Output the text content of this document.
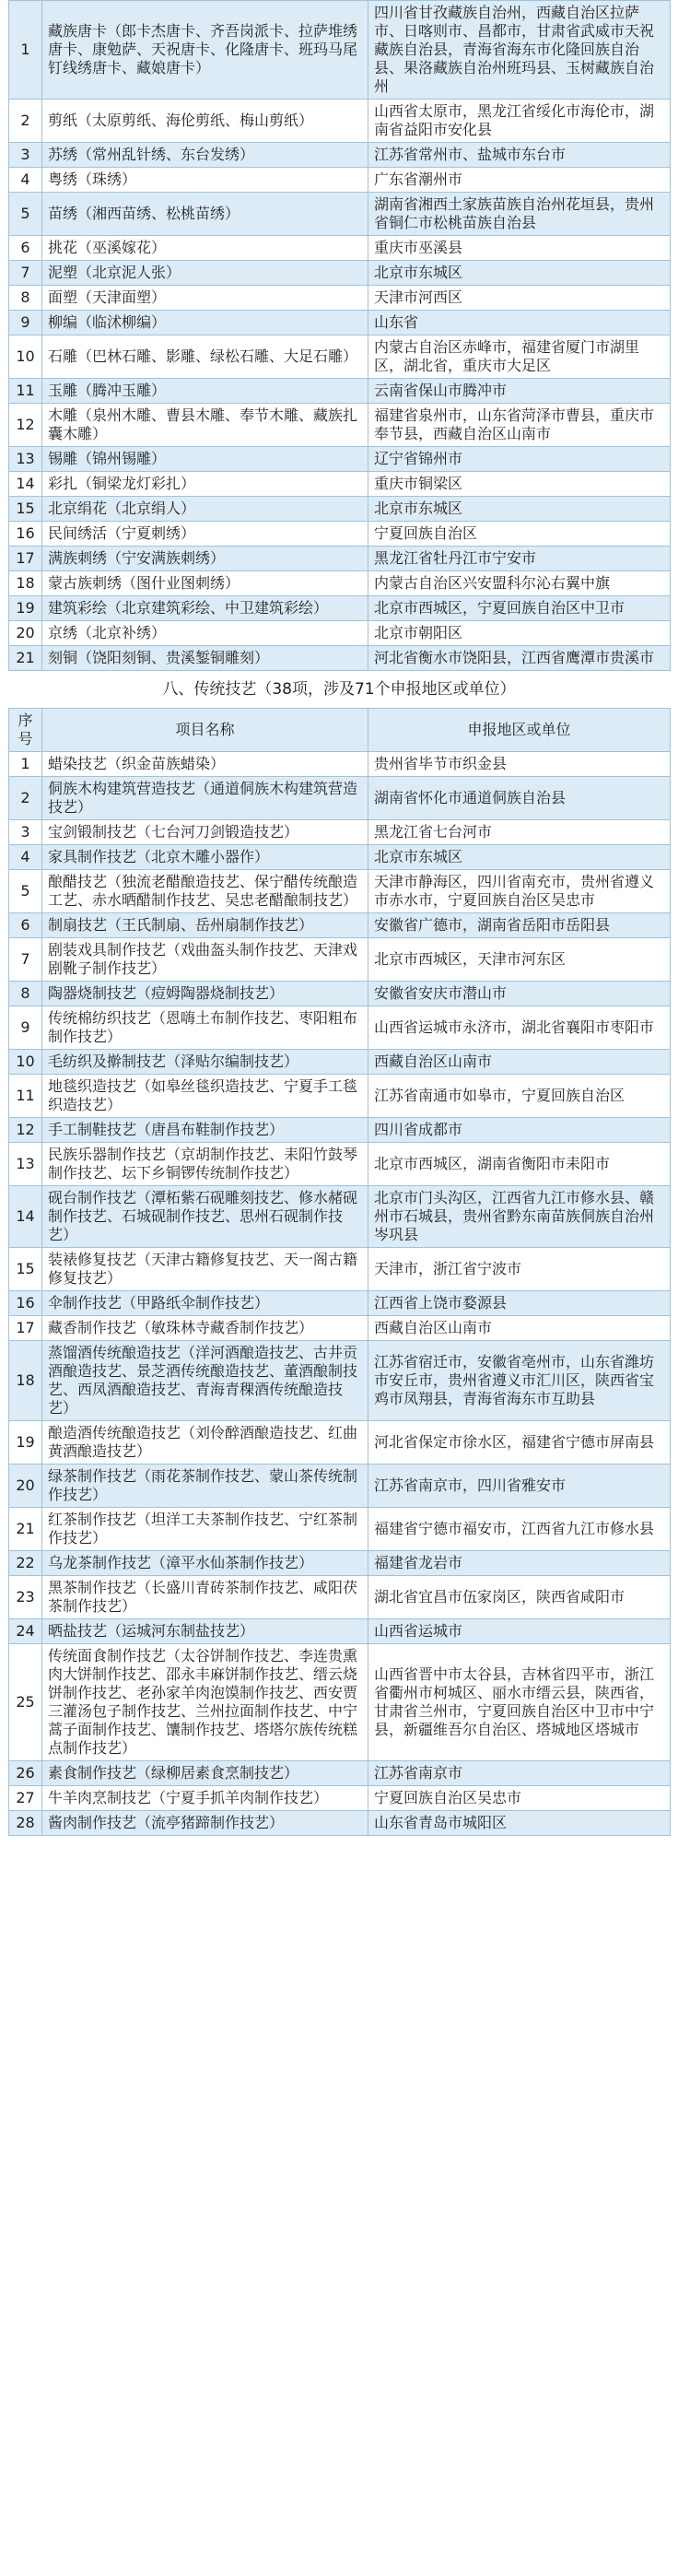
1	藏族唐卡（郎卡杰唐卡、齐吾岗派卡、拉萨堆绣唐卡、康勉萨、天祝唐卡、化隆唐卡、班玛马尾钉线绣唐卡、藏娘唐卡）	四川省甘孜藏族自治州，西藏自治区拉萨市、日喀则市、昌都市，甘肃省武威市天祝藏族自治县，青海省海东市化隆回族自治县、果洛藏族自治州班玛县、玉树藏族自治州
2	剪纸（太原剪纸、海伦剪纸、梅山剪纸）	山西省太原市，黑龙江省绥化市海伦市，湖南省益阳市安化县
3	苏绣（常州乱针绣、东台发绣）	江苏省常州市、盐城市东台市
4	粤绣（珠绣）	广东省潮州市
5	苗绣（湘西苗绣、松桃苗绣）	湖南省湘西土家族苗族自治州花垣县，贵州省铜仁市松桃苗族自治县
6	挑花（巫溪嫁花）	重庆市巫溪县
7	泥塑（北京泥人张）	北京市东城区
8	面塑（天津面塑）	天津市河西区
9	柳编（临沭柳编）	山东省
10	石雕（巴林石雕、影雕、绿松石雕、大足石雕）	内蒙古自治区赤峰市，福建省厦门市湖里区，湖北省，重庆市大足区
11	玉雕（腾冲玉雕）	云南省保山市腾冲市
12	木雕（泉州木雕、曹县木雕、奉节木雕、藏族扎囊木雕）	福建省泉州市，山东省菏泽市曹县，重庆市奉节县，西藏自治区山南市
13	锡雕（锦州锡雕）	辽宁省锦州市
14	彩扎（铜梁龙灯彩扎）	重庆市铜梁区
15	北京绢花（北京绢人）	北京市东城区
16	民间绣活（宁夏刺绣）	宁夏回族自治区
17	满族刺绣（宁安满族刺绣）	黑龙江省牡丹江市宁安市
18	蒙古族刺绣（图什业图刺绣）	内蒙古自治区兴安盟科尔沁右翼中旗
19	建筑彩绘（北京建筑彩绘、中卫建筑彩绘）	北京市西城区，宁夏回族自治区中卫市
20	京绣（北京补绣）	北京市朝阳区
21	刻铜（饶阳刻铜、贵溪錾铜雕刻）	河北省衡水市饶阳县，江西省鹰潭市贵溪市
八、传统技艺（38项，涉及71个申报地区或单位）
序号	项目名称	申报地区或单位
1	蜡染技艺（织金苗族蜡染）	贵州省毕节市织金县
2	侗族木构建筑营造技艺（通道侗族木构建筑营造技艺）	湖南省怀化市通道侗族自治县
3	宝剑锻制技艺（七台河刀剑锻造技艺）	黑龙江省七台河市
4	家具制作技艺（北京木雕小器作）	北京市东城区
5	酿醋技艺（独流老醋酿造技艺、保宁醋传统酿造工艺、赤水晒醋制作技艺、吴忠老醋酿制技艺）	天津市静海区，四川省南充市，贵州省遵义市赤水市，宁夏回族自治区吴忠市
6	制扇技艺（王氏制扇、岳州扇制作技艺）	安徽省广德市，湖南省岳阳市岳阳县
7	剧装戏具制作技艺（戏曲盔头制作技艺、天津戏剧靴子制作技艺）	北京市西城区，天津市河东区
8	陶器烧制技艺（痘姆陶器烧制技艺）	安徽省安庆市潜山市
9	传统棉纺织技艺（恩嗨土布制作技艺、枣阳粗布制作技艺）	山西省运城市永济市，湖北省襄阳市枣阳市
10	毛纺织及擀制技艺（泽贴尔编制技艺）	西藏自治区山南市
11	地毯织造技艺（如皋丝毯织造技艺、宁夏手工毯织造技艺）	江苏省南通市如皋市，宁夏回族自治区
12	手工制鞋技艺（唐昌布鞋制作技艺）	四川省成都市
13	民族乐器制作技艺（京胡制作技艺、耒阳竹鼓琴制作技艺、坛下乡铜锣传统制作技艺）	北京市西城区，湖南省衡阳市耒阳市
14	砚台制作技艺（潭柘紫石砚雕刻技艺、修水赭砚制作技艺、石城砚制作技艺、思州石砚制作技艺）	北京市门头沟区，江西省九江市修水县、赣州市石城县，贵州省黔东南苗族侗族自治州岑巩县
15	装裱修复技艺（天津古籍修复技艺、天一阁古籍修复技艺）	天津市，浙江省宁波市
16	伞制作技艺（甲路纸伞制作技艺）	江西省上饶市婺源县
17	藏香制作技艺（敏珠林寺藏香制作技艺）	西藏自治区山南市
18	蒸馏酒传统酿造技艺（洋河酒酿造技艺、古井贡酒酿造技艺、景芝酒传统酿造技艺、董酒酿制技艺、西凤酒酿造技艺、青海青稞酒传统酿造技艺）	江苏省宿迁市，安徽省亳州市，山东省潍坊市安丘市，贵州省遵义市汇川区，陕西省宝鸡市凤翔县，青海省海东市互助县
19	酿造酒传统酿造技艺（刘伶醉酒酿造技艺、红曲黄酒酿造技艺）	河北省保定市徐水区，福建省宁德市屏南县
20	绿茶制作技艺（雨花茶制作技艺、蒙山茶传统制作技艺）	江苏省南京市，四川省雅安市
21	红茶制作技艺（坦洋工夫茶制作技艺、宁红茶制作技艺）	福建省宁德市福安市，江西省九江市修水县
22	乌龙茶制作技艺（漳平水仙茶制作技艺）	福建省龙岩市
23	黑茶制作技艺（长盛川青砖茶制作技艺、咸阳茯茶制作技艺）	湖北省宜昌市伍家岗区，陕西省咸阳市
24	晒盐技艺（运城河东制盐技艺）	山西省运城市
25	传统面食制作技艺（太谷饼制作技艺、李连贵熏肉大饼制作技艺、邵永丰麻饼制作技艺、缙云烧饼制作技艺、老孙家羊肉泡馍制作技艺、西安贾三灌汤包子制作技艺、兰州拉面制作技艺、中宁蒿子面制作技艺、馕制作技艺、塔塔尔族传统糕点制作技艺）	山西省晋中市太谷县，吉林省四平市，浙江省衢州市柯城区、丽水市缙云县，陕西省，甘肃省兰州市，宁夏回族自治区中卫市中宁县，新疆维吾尔自治区、塔城地区塔城市
26	素食制作技艺（绿柳居素食烹制技艺）	江苏省南京市
27	牛羊肉烹制技艺（宁夏手抓羊肉制作技艺）	宁夏回族自治区吴忠市
28	酱肉制作技艺（流亭猪蹄制作技艺）	山东省青岛市城阳区
